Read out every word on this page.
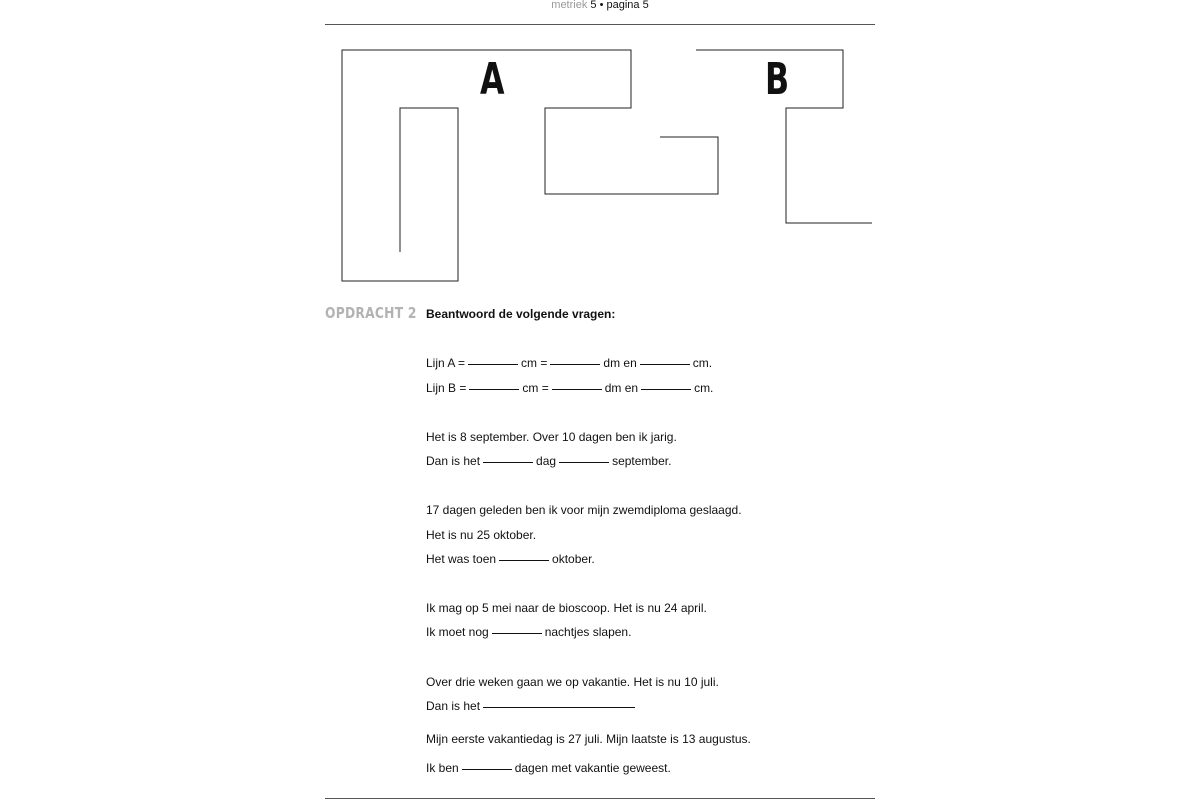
metriek 5 • pagina 5
A	B
OPDRACHT 2 Beantwoord de volgende vragen:
Lijn A =	cm =	dm en	cm.
Lijn B =	cm =	dm en	cm.
Het is 8 september. Over 10 dagen ben ik jarig.
Dan is het	dag	september.
17 dagen geleden ben ik voor mijn zwemdiploma geslaagd.
Het is nu 25 oktober.
Het was toen	oktober.
Ik mag op 5 mei naar de bioscoop. Het is nu 24 april.
Ik moet nog	nachtjes slapen.
Over drie weken gaan we op vakantie. Het is nu 10 juli.
Dan is het
Mijn eerste vakantiedag is 27 juli. Mijn laatste is 13 augustus.
Ik ben	dagen met vakantie geweest.
